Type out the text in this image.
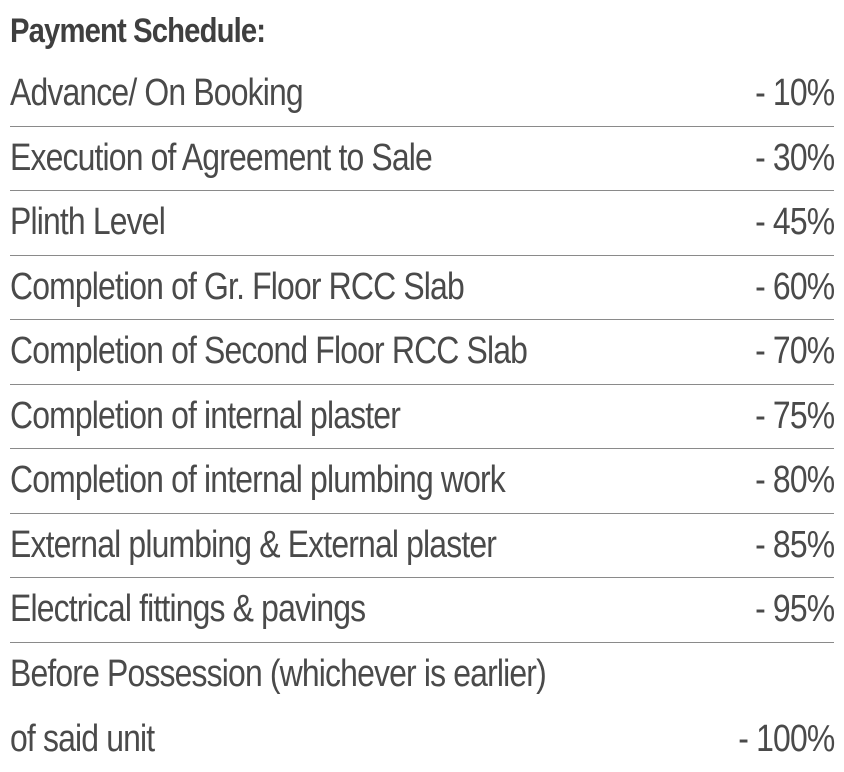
Payment Schedule:
Advance/ On Booking	- 10%
Execution of Agreement to Sale	- 30%
Plinth Level	- 45%
Completion of Gr. Floor RCC Slab	- 60%
Completion of Second Floor RCC Slab	- 70%
Completion of internal plaster	- 75%
Completion of internal plumbing work	- 80%
External plumbing & External plaster	- 85%
Electrical fittings & pavings	- 95%
Before Possession (whichever is earlier)
of said unit	- 100%
